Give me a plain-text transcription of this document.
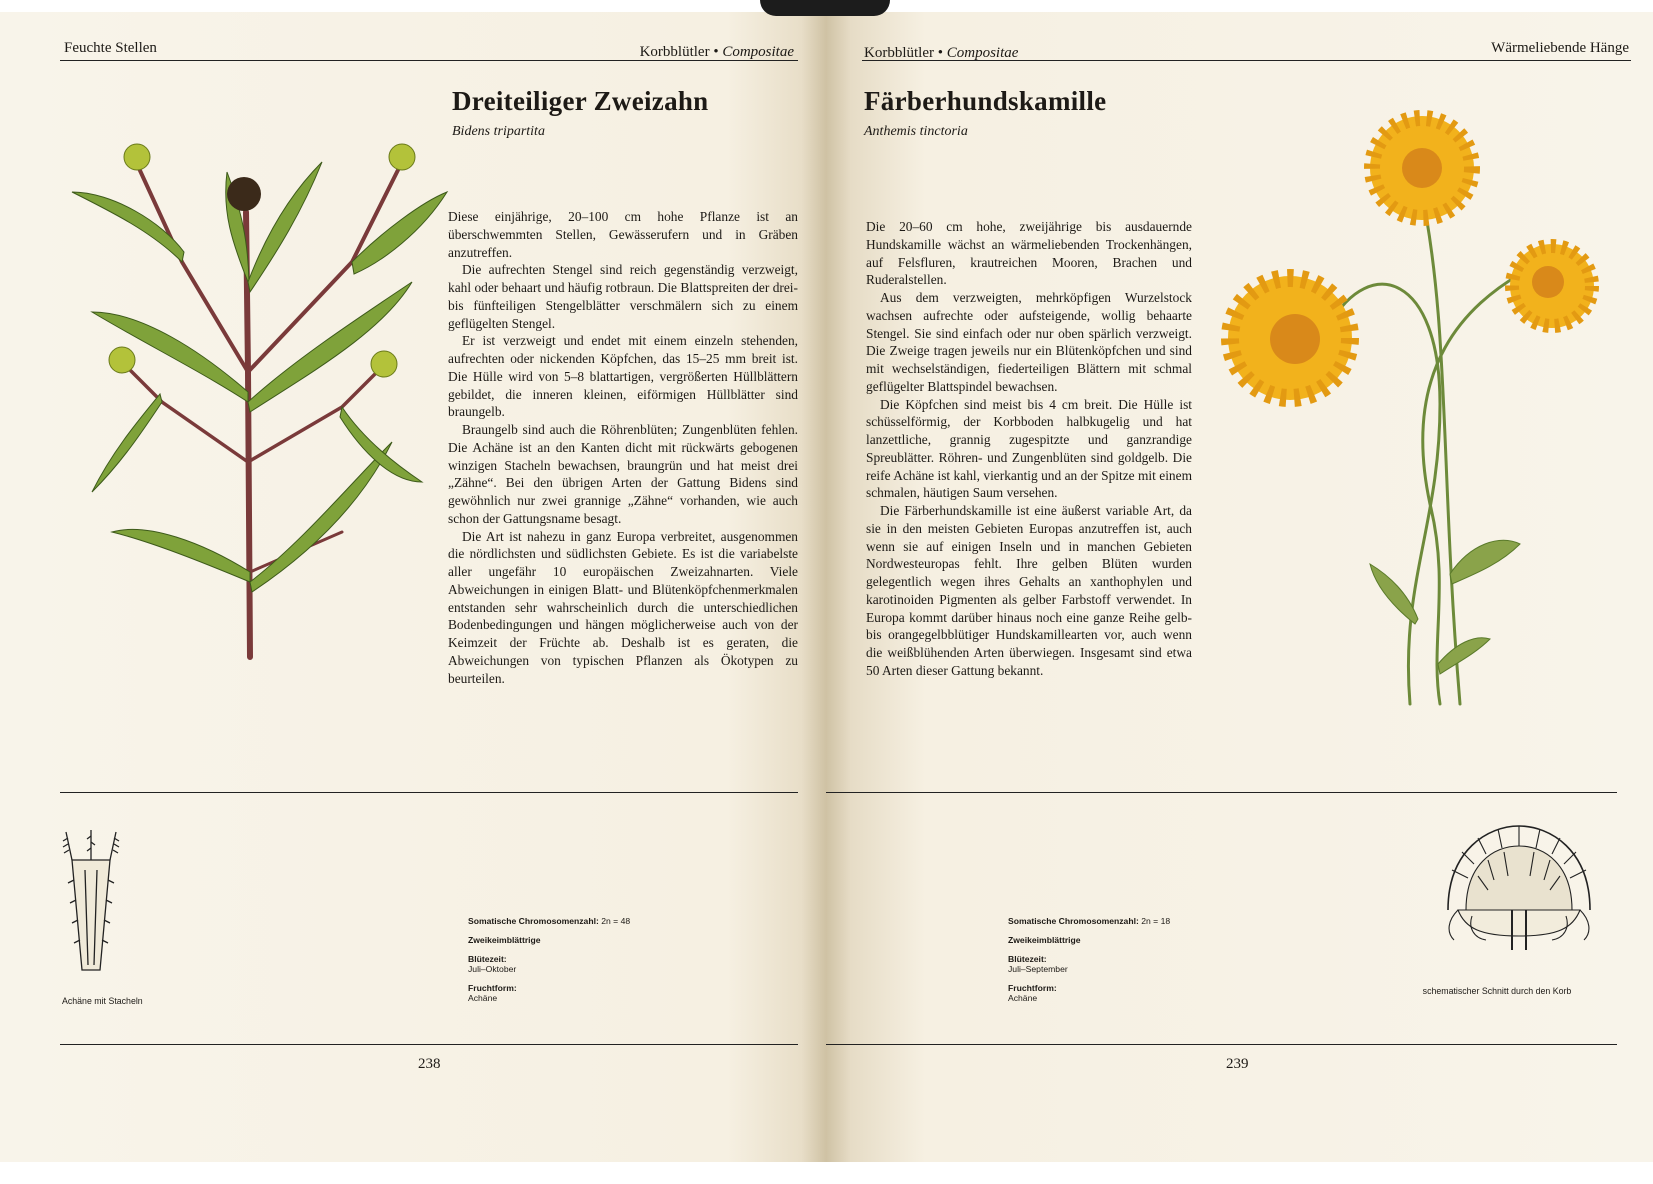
Feuchte Stellen	Korbblütler • Compositae
Dreiteiliger Zweizahn
Bidens tripartita

Diese einjährige, 20–100 cm hohe Pflanze ist an überschwemmten Stellen, Gewässerufern und in Gräben anzutreffen.

Die aufrechten Stengel sind reich gegenständig verzweigt, kahl oder behaart und häufig rotbraun. Die Blattspreiten der drei- bis fünfteiligen Stengelblätter verschmälern sich zu einem geflügelten Stengel.

Er ist verzweigt und endet mit einem einzeln stehenden, aufrechten oder nickenden Köpfchen, das 15–25 mm breit ist. Die Hülle wird von 5–8 blattartigen, vergrößerten Hüllblättern gebildet, die inneren kleinen, eiförmigen Hüllblätter sind braungelb.

Braungelb sind auch die Röhrenblüten; Zungenblüten fehlen. Die Achäne ist an den Kanten dicht mit rückwärts gebogenen winzigen Stacheln bewachsen, braungrün und hat meist drei „Zähne“. Bei den übrigen Arten der Gattung Bidens sind gewöhnlich nur zwei grannige „Zähne“ vorhanden, wie auch schon der Gattungsname besagt.

Die Art ist nahezu in ganz Europa verbreitet, ausgenommen die nördlichsten und südlichsten Gebiete. Es ist die variabelste aller ungefähr 10 europäischen Zweizahnarten. Viele Abweichungen in einigen Blatt- und Blütenköpfchenmerkmalen entstanden sehr wahrscheinlich durch die unterschiedlichen Bodenbedingungen und hängen möglicherweise auch von der Keimzeit der Früchte ab. Deshalb ist es geraten, die Abweichungen von typischen Pflanzen als Ökotypen zu beurteilen.

Achäne mit Stacheln
Somatische Chromosomenzahl: 2n = 48
Zweikeimblättrige
Blütezeit:
Juli–Oktober
Fruchtform:
Achäne
238
Korbblütler • Compositae	Wärmeliebende Hänge
Färberhundskamille
Anthemis tinctoria

Die 20–60 cm hohe, zweijährige bis ausdauernde Hundskamille wächst an wärmeliebenden Trockenhängen, auf Felsfluren, krautreichen Mooren, Brachen und Ruderalstellen.

Aus dem verzweigten, mehrköpfigen Wurzelstock wachsen aufrechte oder aufsteigende, wollig behaarte Stengel. Sie sind einfach oder nur oben spärlich verzweigt. Die Zweige tragen jeweils nur ein Blütenköpfchen und sind mit wechselständigen, fiederteiligen Blättern mit schmal geflügelter Blattspindel bewachsen.

Die Köpfchen sind meist bis 4 cm breit. Die Hülle ist schüsselförmig, der Korbboden halbkugelig und hat lanzettliche, grannig zugespitzte und ganzrandige Spreublätter. Röhren- und Zungenblüten sind goldgelb. Die reife Achäne ist kahl, vierkantig und an der Spitze mit einem schmalen, häutigen Saum versehen.

Die Färberhundskamille ist eine äußerst variable Art, da sie in den meisten Gebieten Europas anzutreffen ist, auch wenn sie auf einigen Inseln und in manchen Gebieten Nordwesteuropas fehlt. Ihre gelben Blüten wurden gelegentlich wegen ihres Gehalts an xanthophylen und karotinoiden Pigmenten als gelber Farbstoff verwendet. In Europa kommt darüber hinaus noch eine ganze Reihe gelb- bis orangegelbblütiger Hundskamillearten vor, auch wenn die weißblühenden Arten überwiegen. Insgesamt sind etwa 50 Arten dieser Gattung bekannt.

Somatische Chromosomenzahl: 2n = 18
Zweikeimblättrige
Blütezeit:
Juli–September
Fruchtform:
Achäne
schematischer Schnitt durch den Korb
239
